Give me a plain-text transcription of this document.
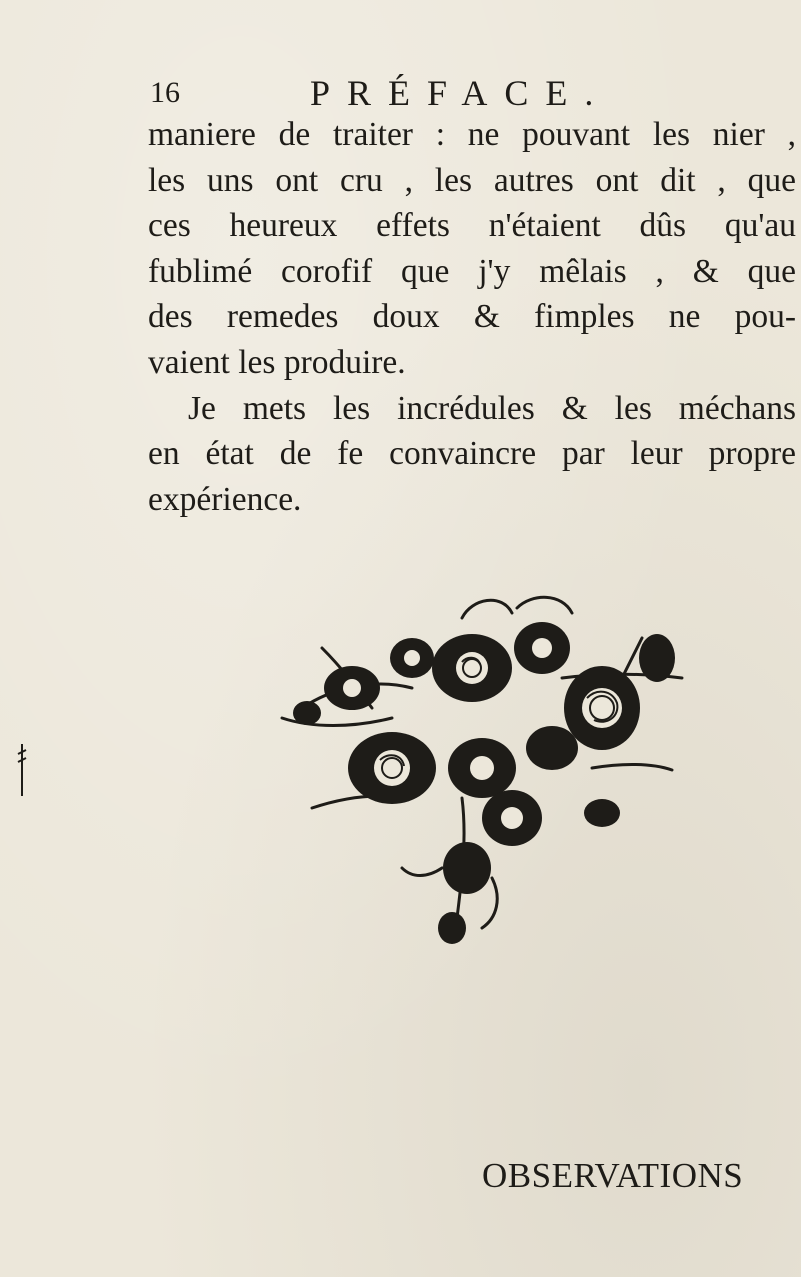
16	PRÉFACE.

maniere de traiter : ne pouvant les nier ,
les uns ont cru , les autres ont dit , que
ces heureux effets n'étaient dûs qu'au
fublimé corofif que j'y mêlais , & que
des remedes doux & fimples ne pou-
vaient les produire.

Je mets les incrédules & les méchans
en état de fe convaincre par leur propre
expérience.

OBSERVATIONS
